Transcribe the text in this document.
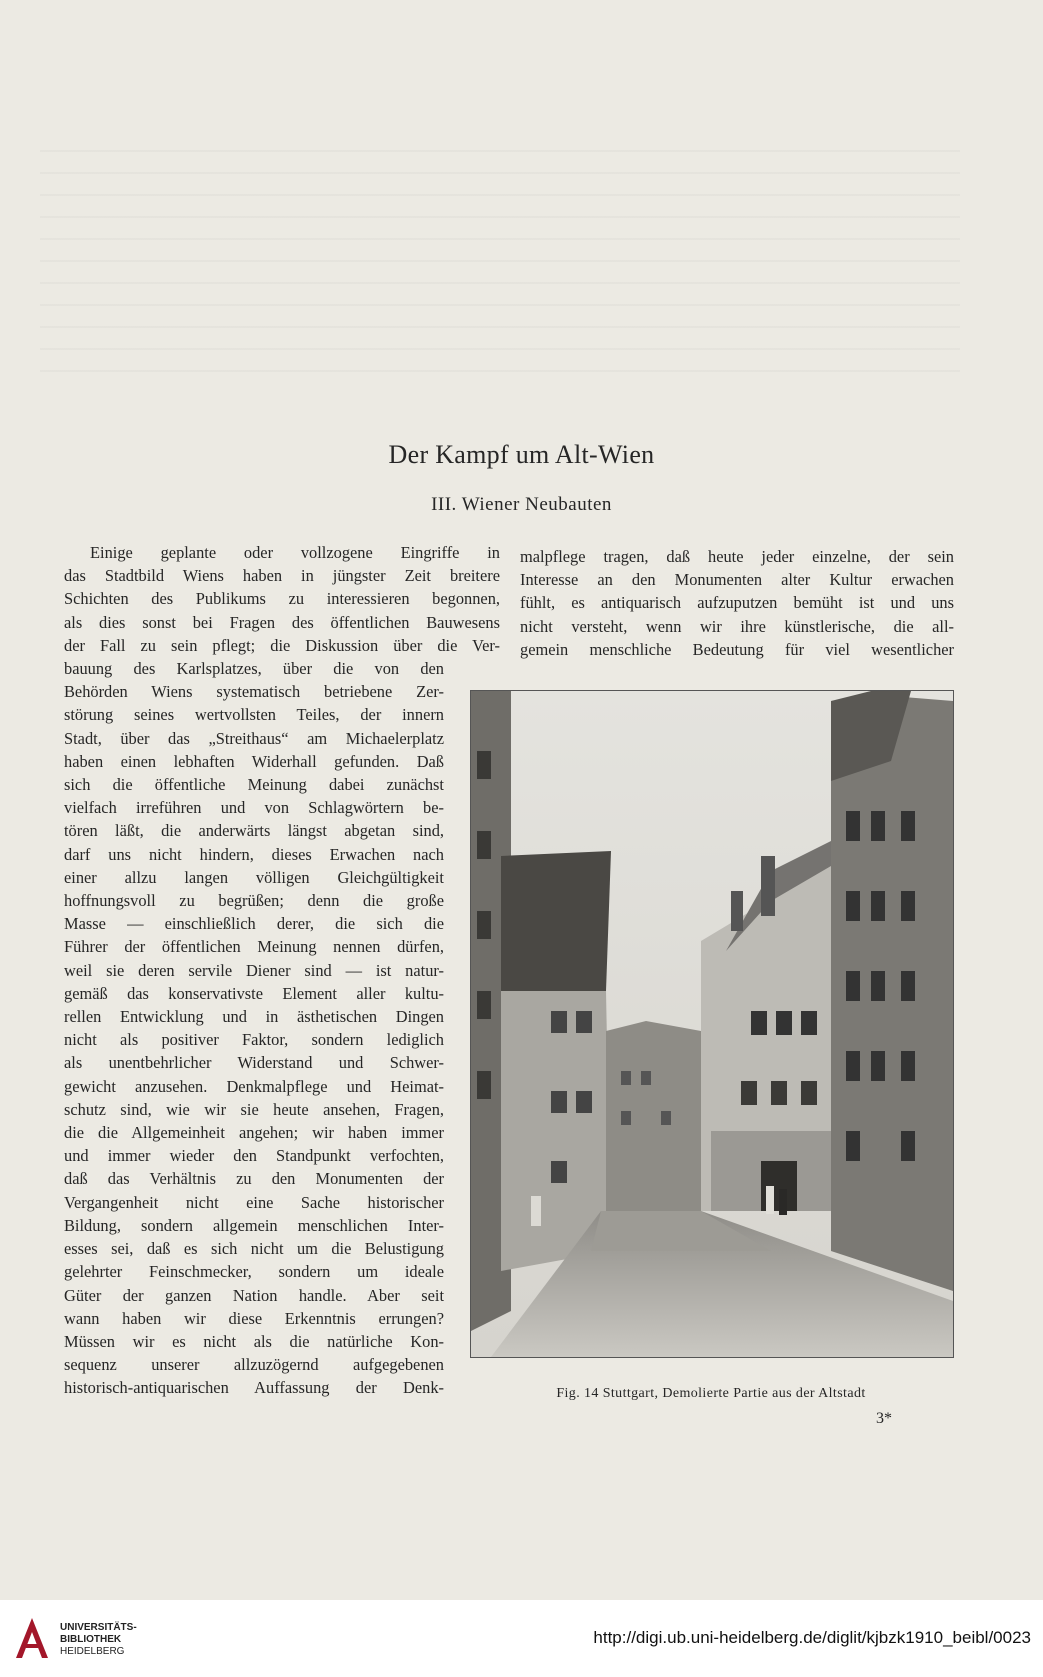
Der Kampf um Alt-Wien
III. Wiener Neubauten

Einige geplante oder vollzogene Eingriffe in

das Stadtbild Wiens haben in jüngster Zeit breitere

Schichten des Publikums zu interessieren begonnen,

als dies sonst bei Fragen des öffentlichen Bauwesens

der Fall zu sein pflegt; die Diskussion über die Ver-

bauung des Karlsplatzes, über die von den

Behörden Wiens systematisch betriebene Zer-

störung seines wertvollsten Teiles, der innern

Stadt, über das „Streithaus“ am Michaelerplatz

haben einen lebhaften Widerhall gefunden. Daß

sich die öffentliche Meinung dabei zunächst

vielfach irreführen und von Schlagwörtern be-

tören läßt, die anderwärts längst abgetan sind,

darf uns nicht hindern, dieses Erwachen nach

einer allzu langen völligen Gleichgültigkeit

hoffnungsvoll zu begrüßen; denn die große

Masse — einschließlich derer, die sich die

Führer der öffentlichen Meinung nennen dürfen,

weil sie deren servile Diener sind — ist natur-

gemäß das konservativste Element aller kultu-

rellen Entwicklung und in ästhetischen Dingen

nicht als positiver Faktor, sondern lediglich

als unentbehrlicher Widerstand und Schwer-

gewicht anzusehen. Denkmalpflege und Heimat-

schutz sind, wie wir sie heute ansehen, Fragen,

die die Allgemeinheit angehen; wir haben immer

und immer wieder den Standpunkt verfochten,

daß das Verhältnis zu den Monumenten der

Vergangenheit nicht eine Sache historischer

Bildung, sondern allgemein menschlichen Inter-

esses sei, daß es sich nicht um die Belustigung

gelehrter Feinschmecker, sondern um ideale

Güter der ganzen Nation handle. Aber seit

wann haben wir diese Erkenntnis errungen?

Müssen wir es nicht als die natürliche Kon-

sequenz unserer allzuzögernd aufgegebenen

historisch-antiquarischen Auffassung der Denk-

malpflege tragen, daß heute jeder einzelne, der sein

Interesse an den Monumenten alter Kultur erwachen

fühlt, es antiquarisch aufzuputzen bemüht ist und uns

nicht versteht, wenn wir ihre künstlerische, die all-

gemein menschliche Bedeutung für viel wesentlicher

Fig. 14 Stuttgart, Demolierte Partie aus der Altstadt
3*
UNIVERSITÄTS-
BIBLIOTHEK
HEIDELBERG
http://digi.ub.uni-heidelberg.de/diglit/kjbzk1910_beibl/0023
